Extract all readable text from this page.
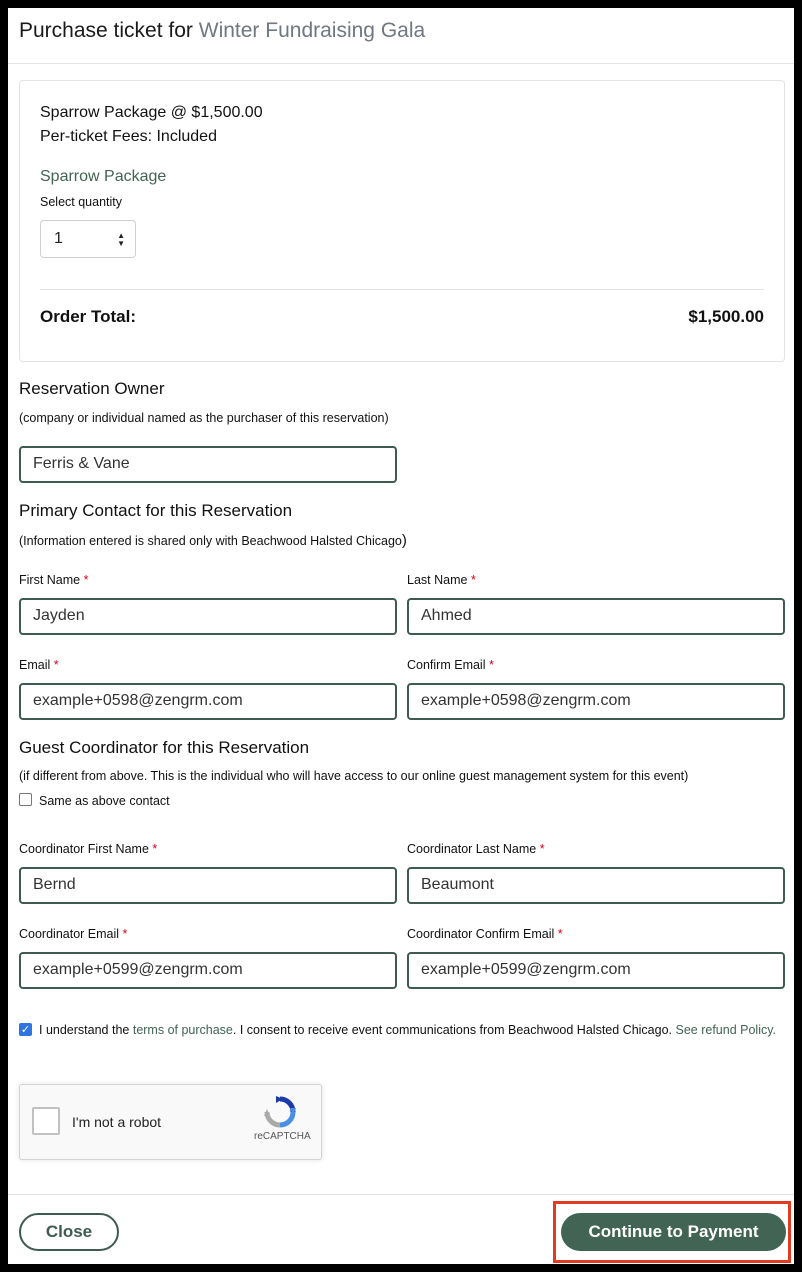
Purchase ticket for Winter Fundraising Gala
Sparrow Package @ $1,500.00
Per-ticket Fees: Included
Sparrow Package
Select quantity
1	▲
▼
Order Total:	$1,500.00
Reservation Owner
(company or individual named as the purchaser of this reservation)
Ferris & Vane
Primary Contact for this Reservation
(Information entered is shared only with Beachwood Halsted Chicago)
First Name *
Jayden
Last Name *
Ahmed
Email *
example+0598@zengrm.com
Confirm Email *
example+0598@zengrm.com
Guest Coordinator for this Reservation
(if different from above. This is the individual who will have access to our online guest management system for this event)
Same as above contact
Coordinator First Name *
Bernd
Coordinator Last Name *
Beaumont
Coordinator Email *
example+0599@zengrm.com
Coordinator Confirm Email *
example+0599@zengrm.com
✓ I understand the terms of purchase. I consent to receive event communications from Beachwood Halsted Chicago. See refund Policy.
I'm not a robot
reCAPTCHA
Close	Continue to Payment
